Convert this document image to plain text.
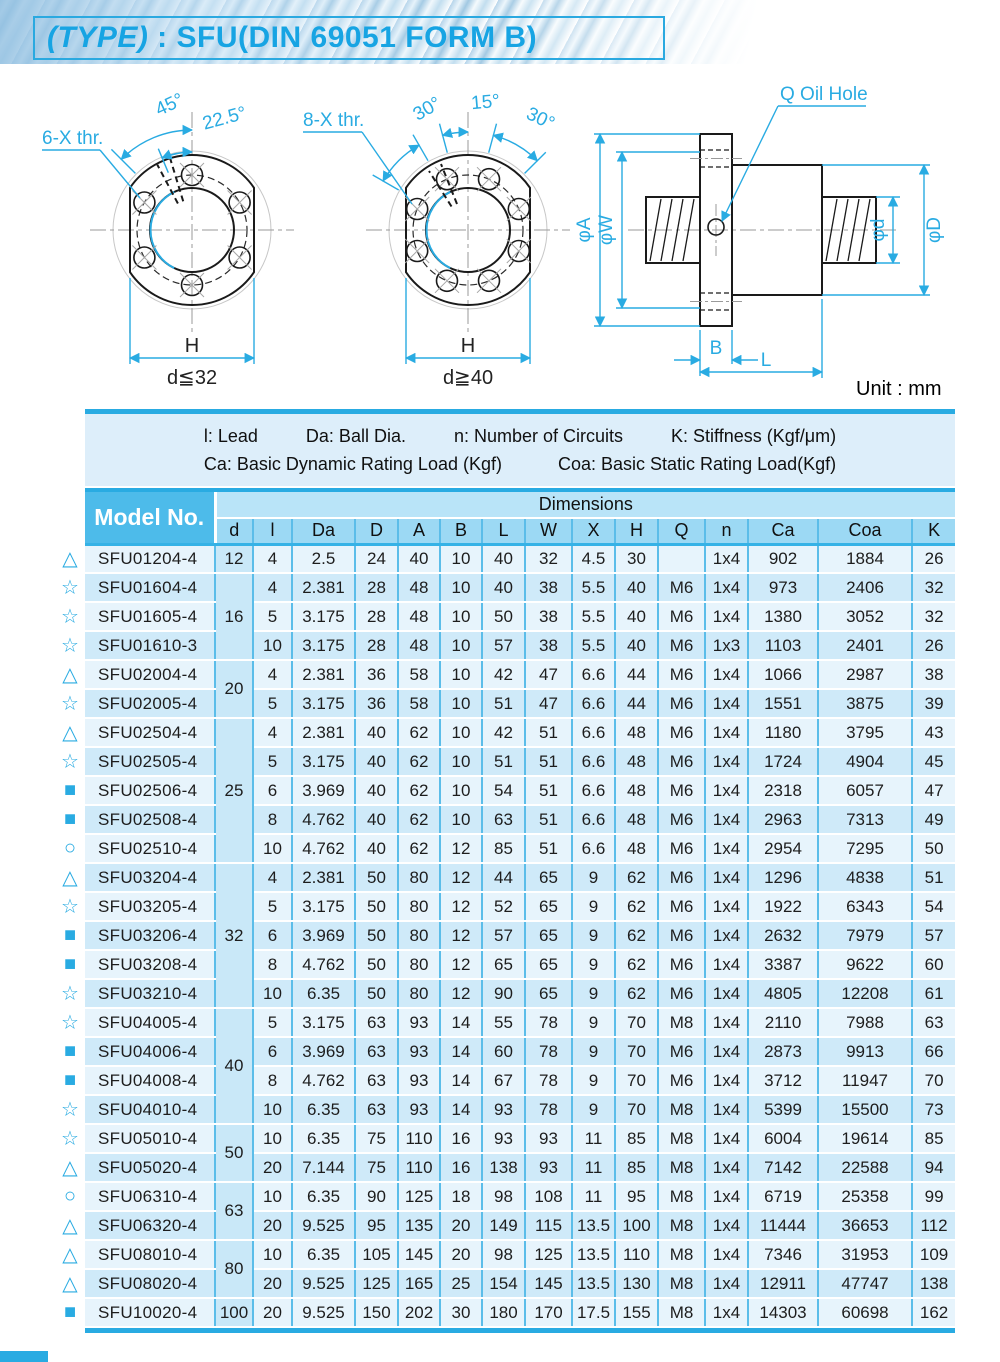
(TYPE) : SFU(DIN 69051 FORM B)
45° 22.5°
6-X thr.
H
d≦32
30° 15°
30°
8-X thr.
H
d≧40
Q Oil Hole
φA φW	φd φD
B
L
Unit : mm
l: Lead	Da: Ball Dia.	n: Number of Circuits	K: Stiffness (Kgf/μm)
Ca: Basic Dynamic Rating Load (Kgf)	Coa: Basic Static Rating Load(Kgf)
	Model No.	Dimensions														
		d	l	Da	D	A	B	L	W	X	H	Q	n	Ca	Coa	K
△	SFU01204-4	12	4	2.5	24	40	10	40	32	4.5	30		1x4	902	1884	26
☆	SFU01604-4	16	4	2.381	28	48	10	40	38	5.5	40	M6	1x4	973	2406	32
☆	SFU01605-4		5	3.175	28	48	10	50	38	5.5	40	M6	1x4	1380	3052	32
☆	SFU01610-3		10	3.175	28	48	10	57	38	5.5	40	M6	1x3	1103	2401	26
△	SFU02004-4	20	4	2.381	36	58	10	42	47	6.6	44	M6	1x4	1066	2987	38
☆	SFU02005-4		5	3.175	36	58	10	51	47	6.6	44	M6	1x4	1551	3875	39
△	SFU02504-4	25	4	2.381	40	62	10	42	51	6.6	48	M6	1x4	1180	3795	43
☆	SFU02505-4		5	3.175	40	62	10	51	51	6.6	48	M6	1x4	1724	4904	45
■	SFU02506-4		6	3.969	40	62	10	54	51	6.6	48	M6	1x4	2318	6057	47
■	SFU02508-4		8	4.762	40	62	10	63	51	6.6	48	M6	1x4	2963	7313	49
○	SFU02510-4		10	4.762	40	62	12	85	51	6.6	48	M6	1x4	2954	7295	50
△	SFU03204-4	32	4	2.381	50	80	12	44	65	9	62	M6	1x4	1296	4838	51
☆	SFU03205-4		5	3.175	50	80	12	52	65	9	62	M6	1x4	1922	6343	54
■	SFU03206-4		6	3.969	50	80	12	57	65	9	62	M6	1x4	2632	7979	57
■	SFU03208-4		8	4.762	50	80	12	65	65	9	62	M6	1x4	3387	9622	60
☆	SFU03210-4		10	6.35	50	80	12	90	65	9	62	M6	1x4	4805	12208	61
☆	SFU04005-4	40	5	3.175	63	93	14	55	78	9	70	M8	1x4	2110	7988	63
■	SFU04006-4		6	3.969	63	93	14	60	78	9	70	M6	1x4	2873	9913	66
■	SFU04008-4		8	4.762	63	93	14	67	78	9	70	M6	1x4	3712	11947	70
☆	SFU04010-4		10	6.35	63	93	14	93	78	9	70	M8	1x4	5399	15500	73
☆	SFU05010-4	50	10	6.35	75	110	16	93	93	11	85	M8	1x4	6004	19614	85
△	SFU05020-4		20	7.144	75	110	16	138	93	11	85	M8	1x4	7142	22588	94
○	SFU06310-4	63	10	6.35	90	125	18	98	108	11	95	M8	1x4	6719	25358	99
△	SFU06320-4		20	9.525	95	135	20	149	115	13.5	100	M8	1x4	11444	36653	112
△	SFU08010-4	80	10	6.35	105	145	20	98	125	13.5	110	M8	1x4	7346	31953	109
△	SFU08020-4		20	9.525	125	165	25	154	145	13.5	130	M8	1x4	12911	47747	138
■	SFU10020-4	100	20	9.525	150	202	30	180	170	17.5	155	M8	1x4	14303	60698	162
